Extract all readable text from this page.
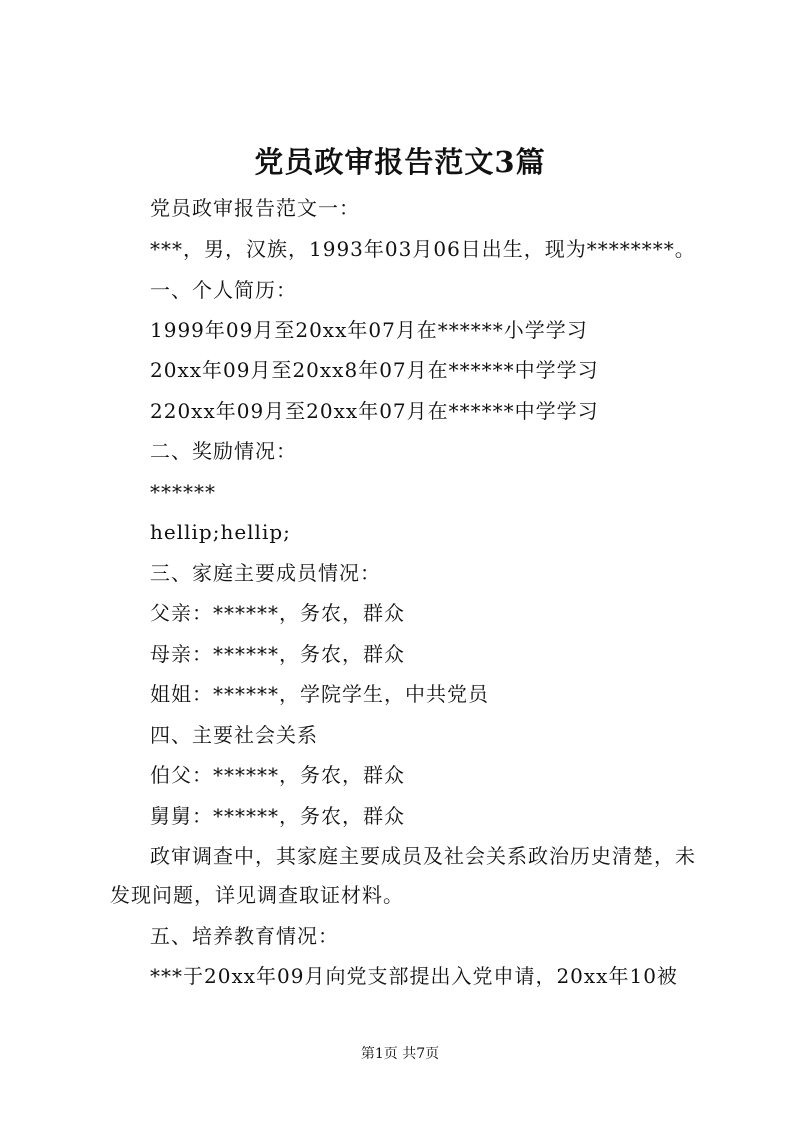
党员政审报告范文3篇
党员政审报告范文一：
***，男，汉族，1993年03月06日出生，现为********。
一、个人简历：
1999年09月至20xx年07月在******小学学习
20xx年09月至20xx8年07月在******中学学习
220xx年09月至20xx年07月在******中学学习
二、奖励情况：
******
hellip;hellip;
三、家庭主要成员情况：
父亲：******，务农，群众
母亲：******，务农，群众
姐姐：******，学院学生，中共党员
四、主要社会关系
伯父：******，务农，群众
舅舅：******，务农，群众
政审调查中，其家庭主要成员及社会关系政治历史清楚，未
发现问题，详见调查取证材料。
五、培养教育情况：
***于20xx年09月向党支部提出入党申请，20xx年10被
第1页 共7页
